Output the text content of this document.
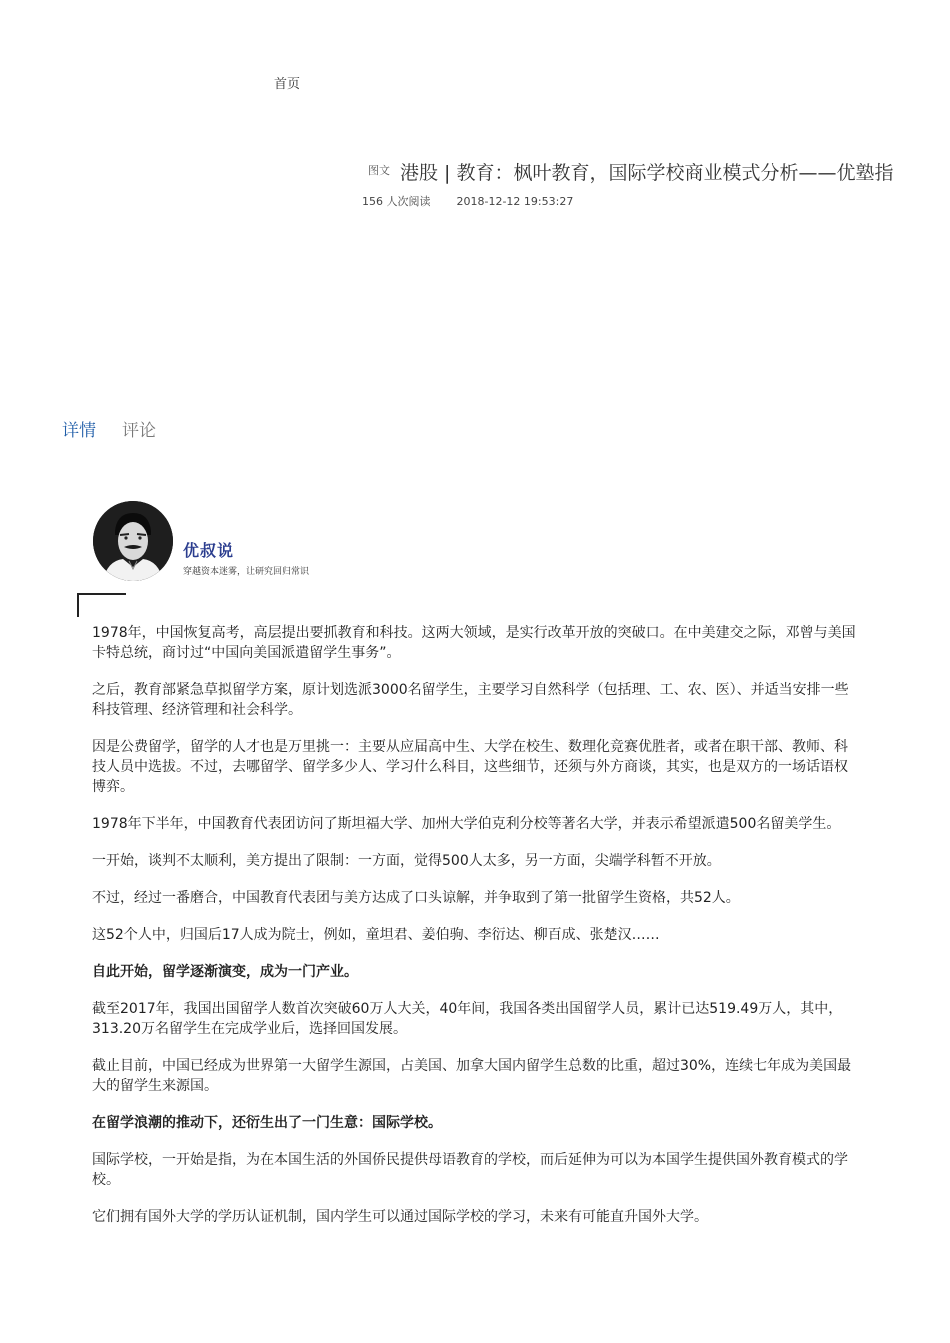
首页
图文 港股 | 教育：枫叶教育，国际学校商业模式分析——优塾指
156 人次阅读 2018-12-12 19:53:27
详情 评论
优叔说
穿越资本迷雾，让研究回归常识

1978年，中国恢复高考，高层提出要抓教育和科技。这两大领域，是实行改革开放的突破口。在中美建交之际，邓曾与美国卡特总统，商讨过“中国向美国派遣留学生事务”。

之后，教育部紧急草拟留学方案，原计划选派3000名留学生，主要学习自然科学（包括理、工、农、医）、并适当安排一些科技管理、经济管理和社会科学。

因是公费留学，留学的人才也是万里挑一：主要从应届高中生、大学在校生、数理化竞赛优胜者，或者在职干部、教师、科技人员中选拔。不过，去哪留学、留学多少人、学习什么科目，这些细节，还须与外方商谈，其实，也是双方的一场话语权博弈。

1978年下半年，中国教育代表团访问了斯坦福大学、加州大学伯克利分校等著名大学，并表示希望派遣500名留美学生。

一开始，谈判不太顺利，美方提出了限制：一方面，觉得500人太多，另一方面，尖端学科暂不开放。

不过，经过一番磨合，中国教育代表团与美方达成了口头谅解，并争取到了第一批留学生资格，共52人。

这52个人中，归国后17人成为院士，例如，童坦君、姜伯驹、李衍达、柳百成、张楚汉……

自此开始，留学逐渐演变，成为一门产业。

截至2017年，我国出国留学人数首次突破60万人大关，40年间，我国各类出国留学人员，累计已达519.49万人，其中，313.20万名留学生在完成学业后，选择回国发展。

截止目前，中国已经成为世界第一大留学生源国，占美国、加拿大国内留学生总数的比重，超过30%，连续七年成为美国最大的留学生来源国。

在留学浪潮的推动下，还衍生出了一门生意：国际学校。

国际学校，一开始是指，为在本国生活的外国侨民提供母语教育的学校，而后延伸为可以为本国学生提供国外教育模式的学校。

它们拥有国外大学的学历认证机制，国内学生可以通过国际学校的学习，未来有可能直升国外大学。
